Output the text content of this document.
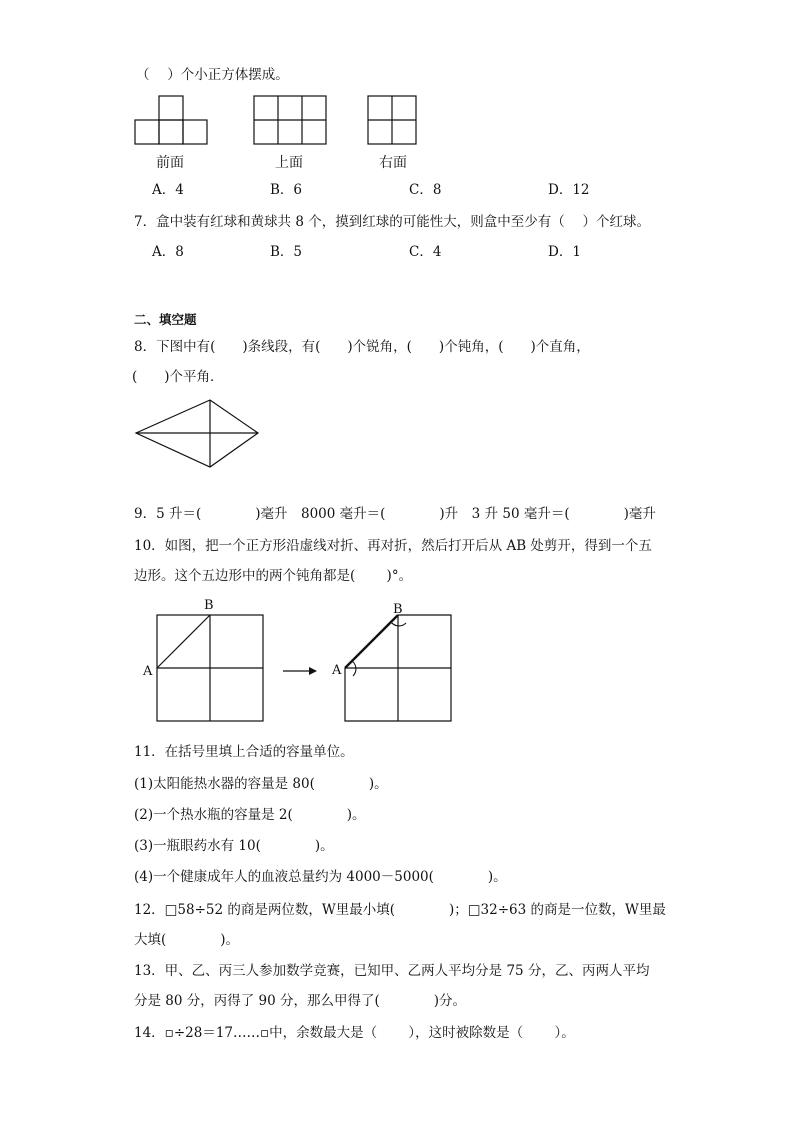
（　 ）个小正方体摆成。
前面	上面	右面
A．4	B．6	C．8	D．12
7．盒中装有红球和黄球共 8 个，摸到红球的可能性大，则盒中至少有（　 ）个红球。
A．8	B．5	C．4	D．1
二、填空题
8．下图中有(　　)条线段，有(　　)个锐角，(　　)个钝角，(　　)个直角，
(　　)个平角．
9．5 升＝(　　　　)毫升　8000 毫升＝(　　　　)升　3 升 50 毫升＝(　　　　)毫升
10．如图，把一个正方形沿虚线对折、再对折，然后打开后从 AB 处剪开，得到一个五
边形。这个五边形中的两个钝角都是(　　 )°。
B
A
B
A
11．在括号里填上合适的容量单位。
(1)太阳能热水器的容量是 80(　　　　)。
(2)一个热水瓶的容量是 2(　　　　)。
(3)一瓶眼药水有 10(　　　　)。
(4)一个健康成年人的血液总量约为 4000－5000(　　　　)。
12．□58÷52 的商是两位数，W里最小填(　　　　)；□32÷63 的商是一位数，W里最
大填(　　　　)。
13．甲、乙、丙三人参加数学竞赛，已知甲、乙两人平均分是 75 分，乙、丙两人平均
分是 80 分，丙得了 90 分，那么甲得了(　　　　)分。
14．▫÷28＝17……▫中，余数最大是（　　 ），这时被除数是（　　 ）。
